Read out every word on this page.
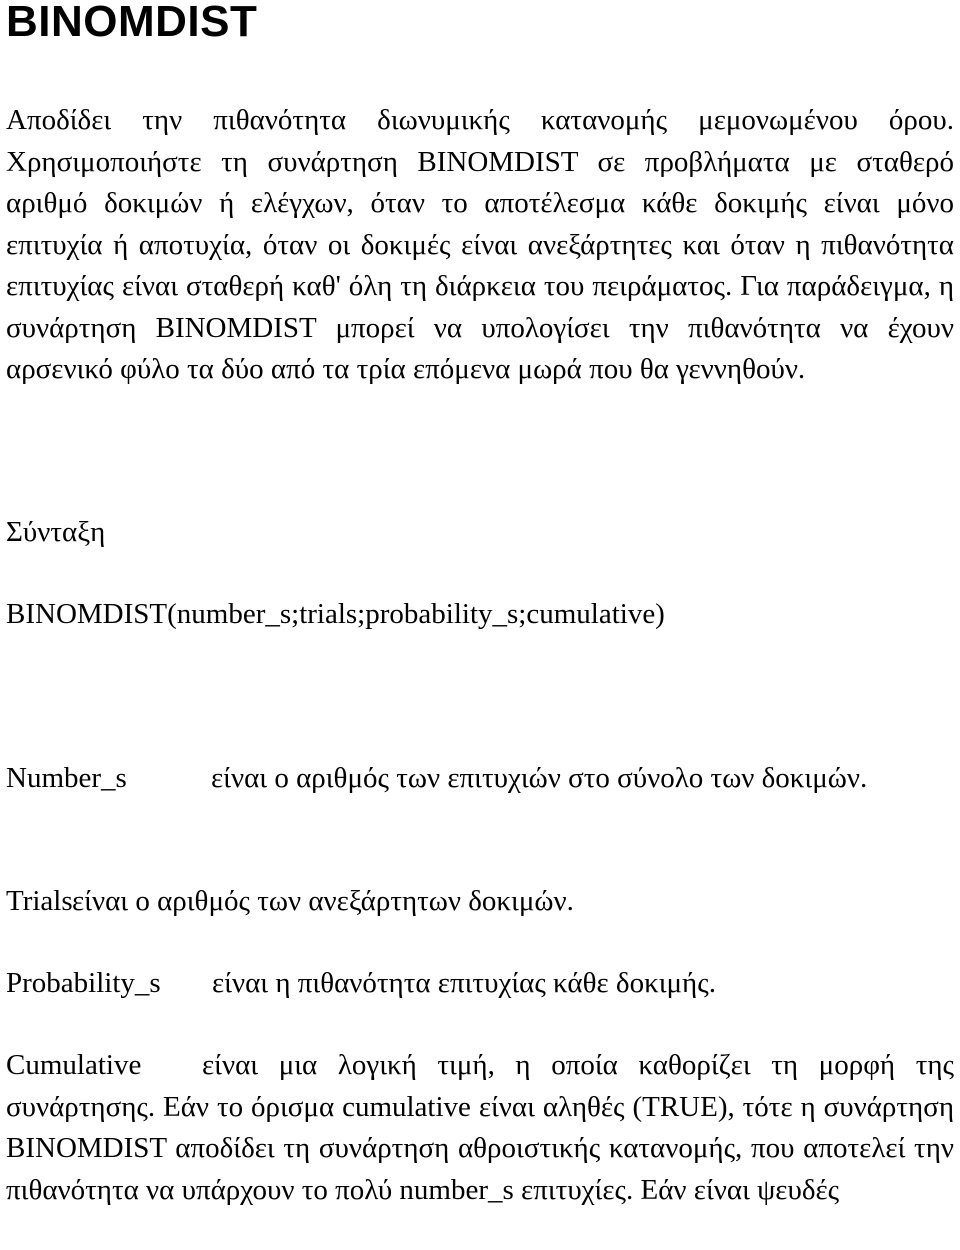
BINOMDIST

Αποδίδει την πιθανότητα διωνυμικής κατανομής μεμονωμένου όρου. Χρησιμοποιήστε τη συνάρτηση BINOMDIST σε προβλήματα με σταθερό αριθμό δοκιμών ή ελέγχων, όταν το αποτέλεσμα κάθε δοκιμής είναι μόνο επιτυχία ή αποτυχία, όταν οι δοκιμές είναι ανεξάρτητες και όταν η πιθανότητα επιτυχίας είναι σταθερή καθ' όλη τη διάρκεια του πειράματος. Για παράδειγμα, η συνάρτηση BINOMDIST μπορεί να υπολογίσει την πιθανότητα να έχουν αρσενικό φύλο τα δύο από τα τρία επόμενα μωρά που θα γεννηθούν.

Σύνταξη

BINOMDIST(number_s;trials;probability_s;cumulative)

Number_s	είναι ο αριθμός των επιτυχιών στο σύνολο των δοκιμών.

Trialsείναι ο αριθμός των ανεξάρτητων δοκιμών.

Probability_s είναι η πιθανότητα επιτυχίας κάθε δοκιμής.

Cumulative είναι μια λογική τιμή, η οποία καθορίζει τη μορφή της συνάρτησης. Εάν το όρισμα cumulative είναι αληθές (TRUE), τότε η συνάρτηση BINOMDIST αποδίδει τη συνάρτηση αθροιστικής κατανομής, που αποτελεί την πιθανότητα να υπάρχουν το πολύ number_s επιτυχίες. Εάν είναι ψευδές
